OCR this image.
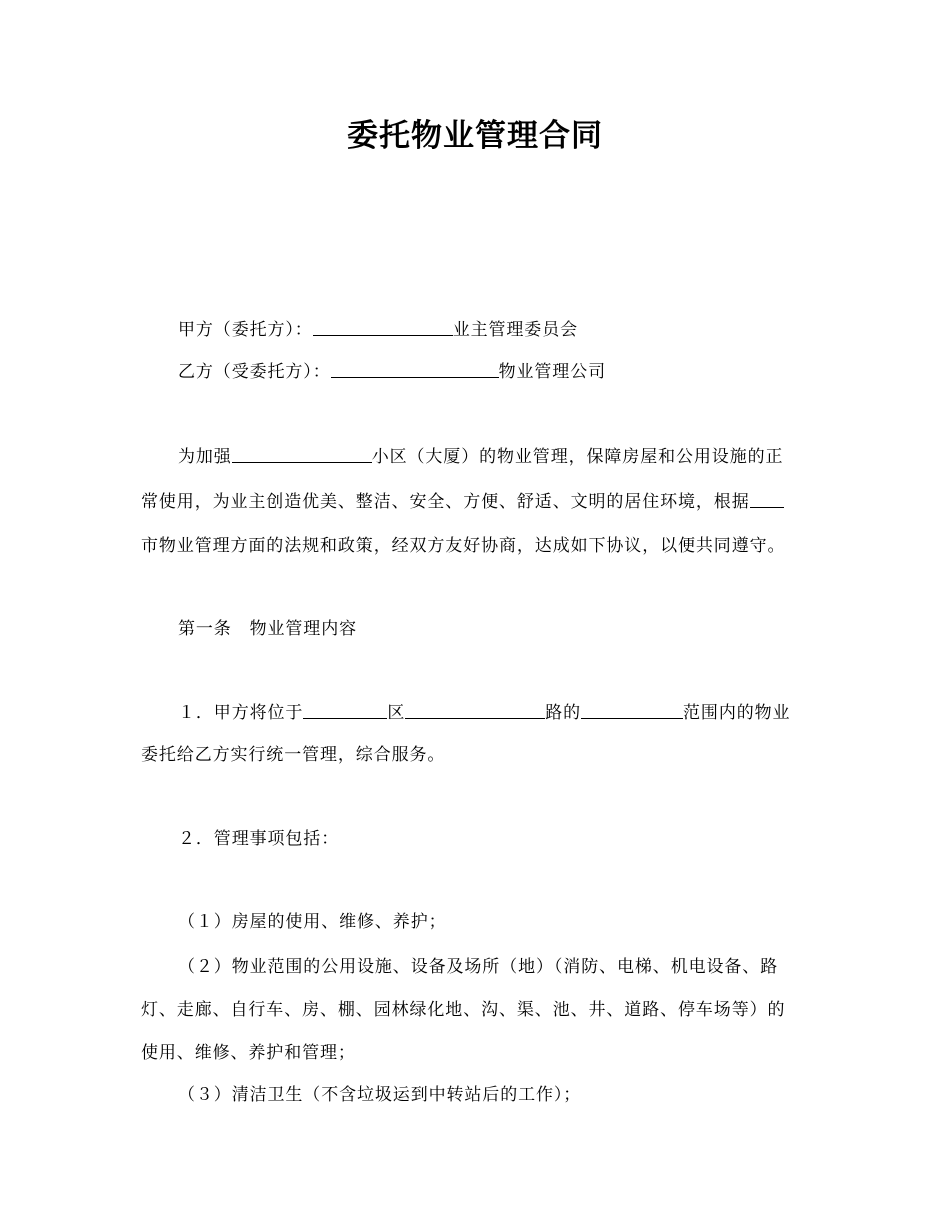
委托物业管理合同
甲方（委托方）：	业主管理委员会
乙方（受委托方）：	物业管理公司
为加强	小区（大厦）的物业管理，保障房屋和公用设施的正
常使用，为业主创造优美、整洁、安全、方便、舒适、文明的居住环境，根据
市物业管理方面的法规和政策，经双方友好协商，达成如下协议，以便共同遵守。
第一条　物业管理内容
１．甲方将位于	区	路的	范围内的物业
委托给乙方实行统一管理，综合服务。
２．管理事项包括：
（１）房屋的使用、维修、养护；
（２）物业范围的公用设施、设备及场所（地）（消防、电梯、机电设备、路
灯、走廊、自行车、房、棚、园林绿化地、沟、渠、池、井、道路、停车场等）的
使用、维修、养护和管理；
（３）清洁卫生（不含垃圾运到中转站后的工作）；
